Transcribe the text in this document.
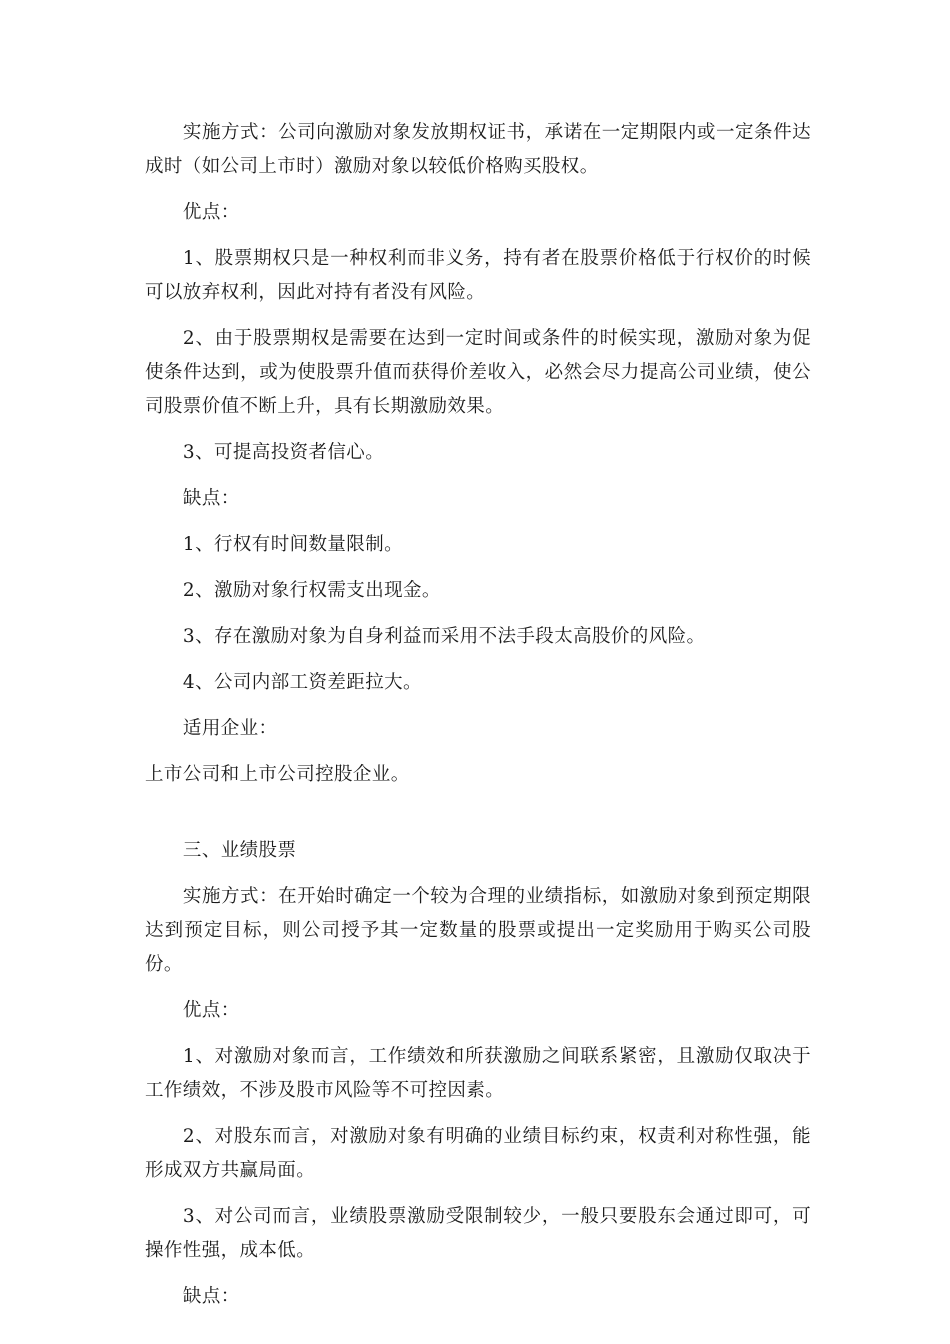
实施方式：公司向激励对象发放期权证书，承诺在一定期限内或一定条件达成时（如公司上市时）激励对象以较低价格购买股权。

优点：

1、股票期权只是一种权利而非义务，持有者在股票价格低于行权价的时候可以放弃权利，因此对持有者没有风险。

2、由于股票期权是需要在达到一定时间或条件的时候实现，激励对象为促使条件达到，或为使股票升值而获得价差收入，必然会尽力提高公司业绩，使公司股票价值不断上升，具有长期激励效果。

3、可提高投资者信心。

缺点：

1、行权有时间数量限制。

2、激励对象行权需支出现金。

3、存在激励对象为自身利益而采用不法手段太高股价的风险。

4、公司内部工资差距拉大。

适用企业：

上市公司和上市公司控股企业。

三、业绩股票

实施方式：在开始时确定一个较为合理的业绩指标，如激励对象到预定期限达到预定目标，则公司授予其一定数量的股票或提出一定奖励用于购买公司股份。

优点：

1、对激励对象而言，工作绩效和所获激励之间联系紧密，且激励仅取决于工作绩效，不涉及股市风险等不可控因素。

2、对股东而言，对激励对象有明确的业绩目标约束，权责利对称性强，能形成双方共赢局面。

3、对公司而言，业绩股票激励受限制较少，一般只要股东会通过即可，可操作性强，成本低。

缺点：
